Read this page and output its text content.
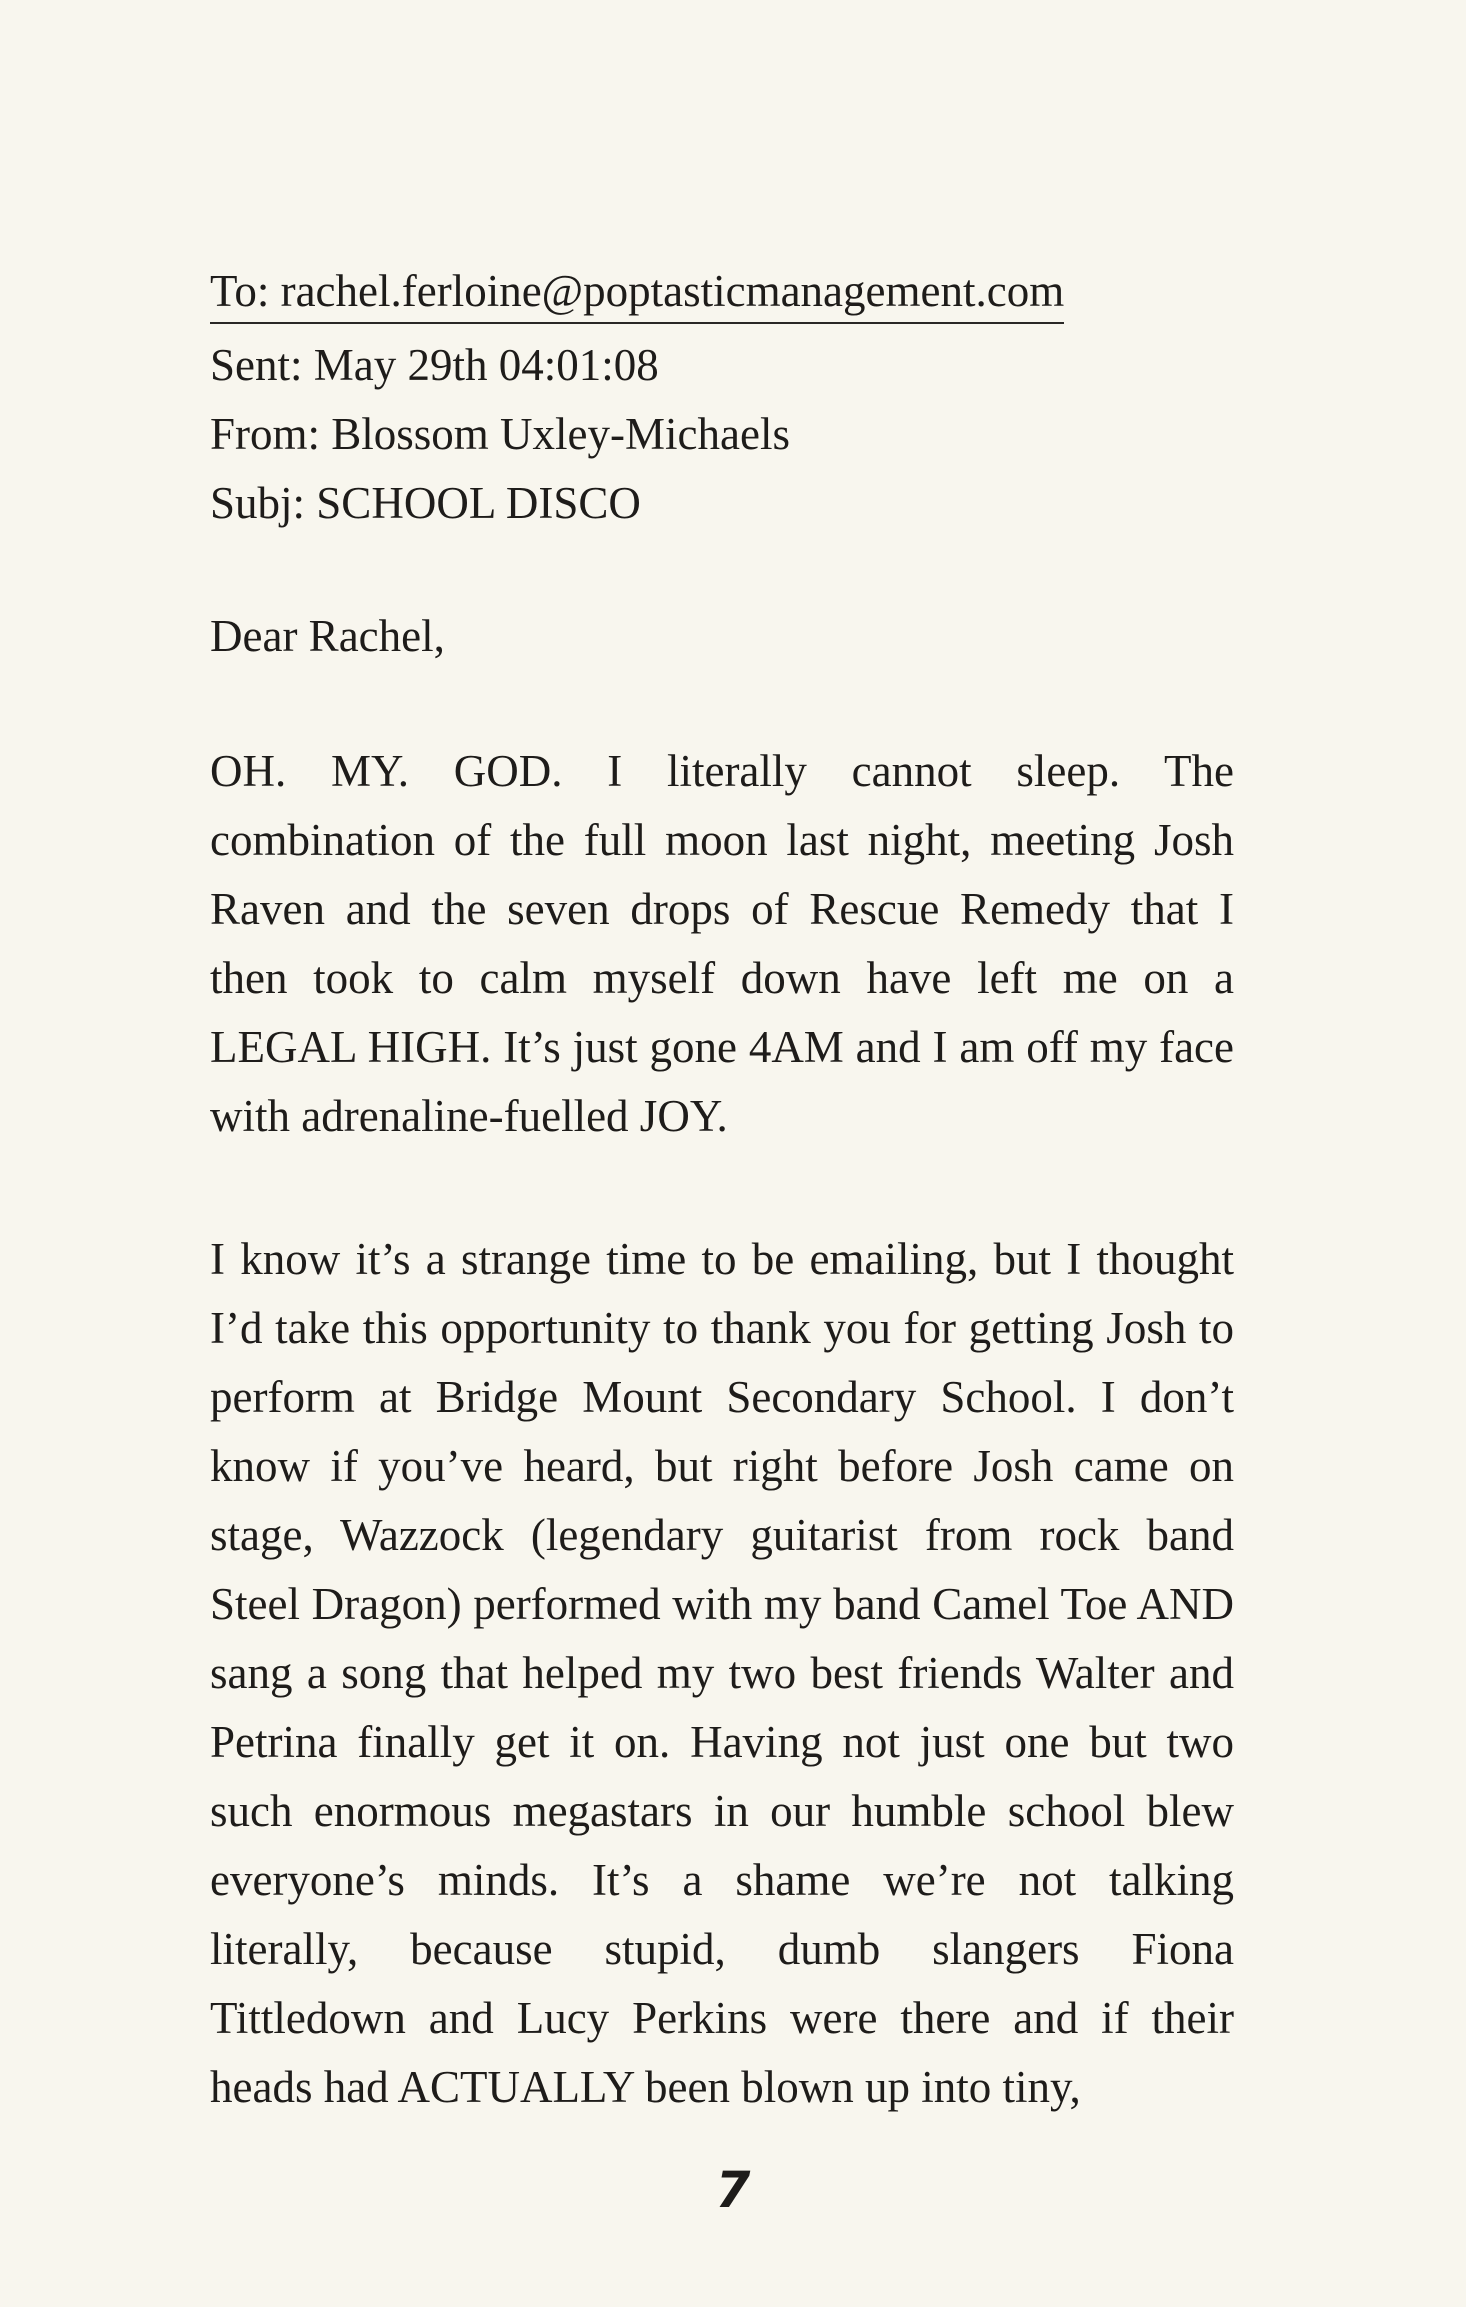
To: rachel.ferloine@poptasticmanagement.com
Sent: May 29th 04:01:08
From: Blossom Uxley-Michaels
Subj: SCHOOL DISCO
Dear Rachel,
OH. MY. GOD. I literally cannot sleep. The combination of the full moon last night, meeting Josh Raven and the seven drops of Rescue Remedy that I then took to calm myself down have left me on a LEGAL HIGH. It’s just gone 4AM and I am off my face with adrenaline-fuelled JOY.
I know it’s a strange time to be emailing, but I thought I’d take this opportunity to thank you for getting Josh to perform at Bridge Mount Secondary School. I don’t know if you’ve heard, but right before Josh came on stage, Wazzock (legendary guitarist from rock band Steel Dragon) performed with my band Camel Toe AND sang a song that helped my two best friends Walter and Petrina finally get it on. Having not just one but two such enormous megastars in our humble school blew everyone’s minds. It’s a shame we’re not talking literally, because stupid, dumb slangers Fiona Tittledown and Lucy Perkins were there and if their heads had ACTUALLY been blown up into tiny,
7
